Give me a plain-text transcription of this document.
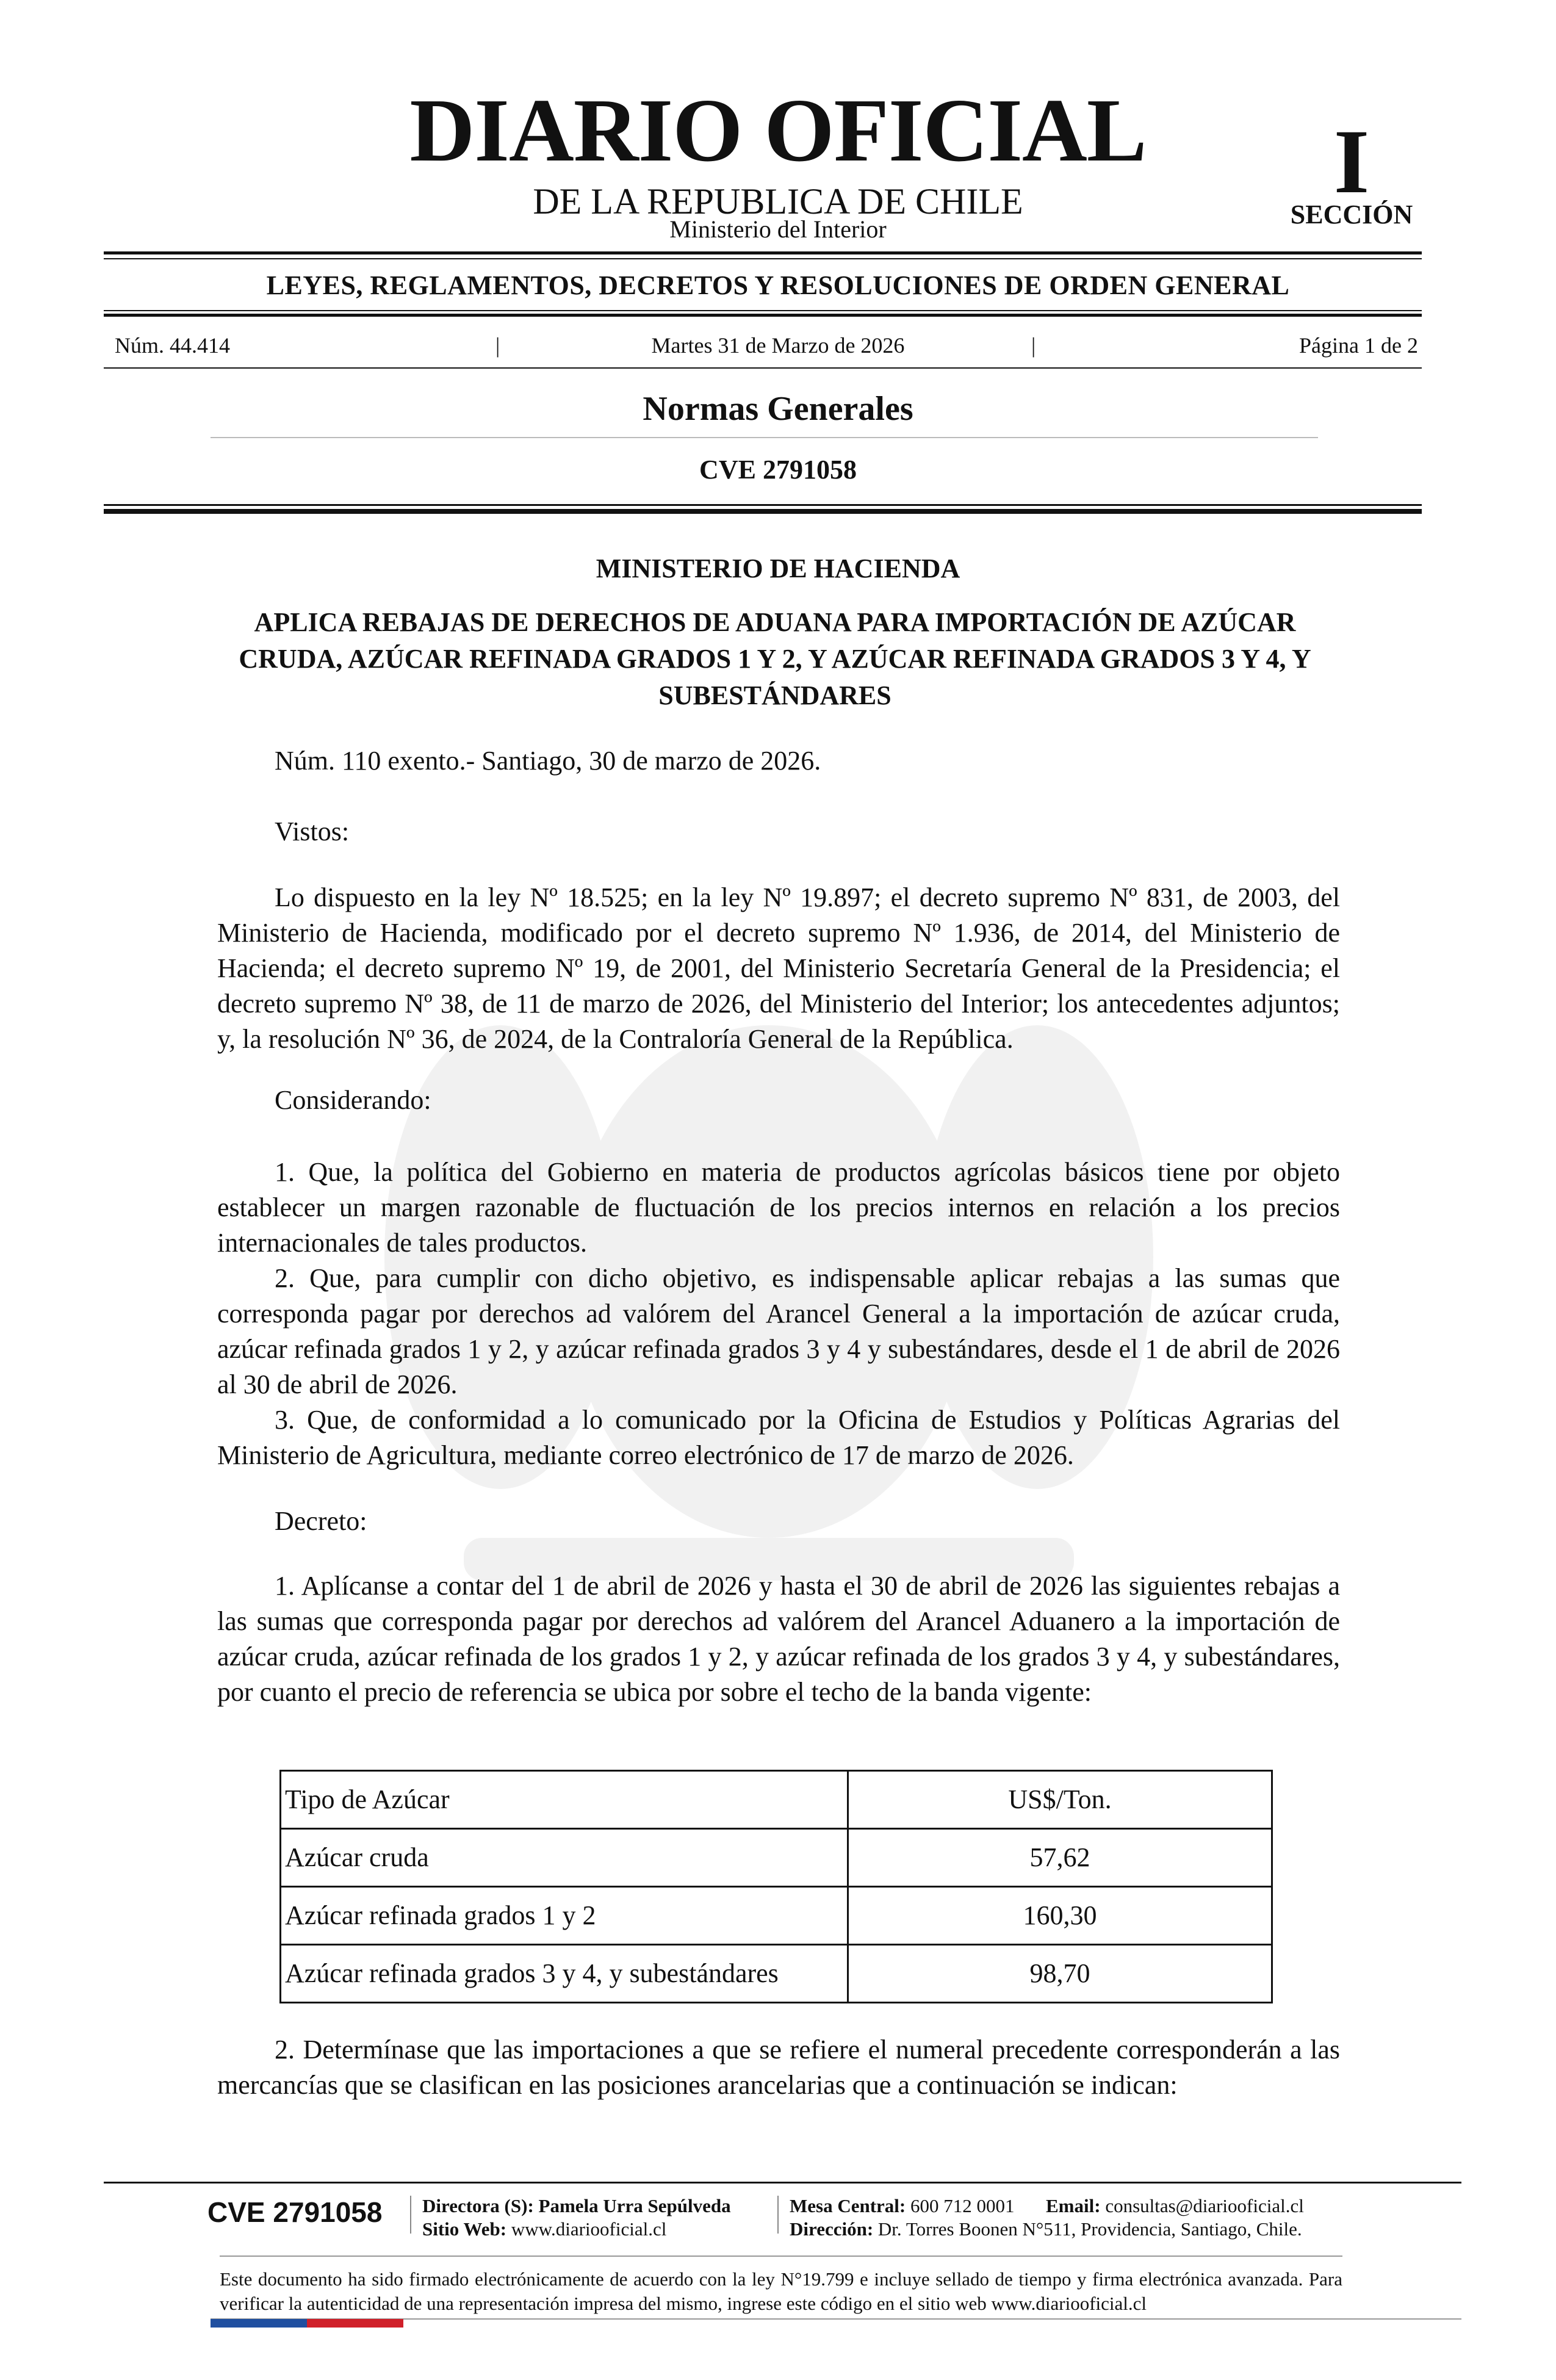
DIARIO OFICIAL
DE LA REPUBLICA DE CHILE
Ministerio del Interior
I
SECCIÓN
LEYES, REGLAMENTOS, DECRETOS Y RESOLUCIONES DE ORDEN GENERAL
Núm. 44.414	|	Martes 31 de Marzo de 2026	|	Página 1 de 2
Normas Generales
CVE 2791058
MINISTERIO DE HACIENDA
APLICA REBAJAS DE DERECHOS DE ADUANA PARA IMPORTACIÓN DE AZÚCAR CRUDA, AZÚCAR REFINADA GRADOS 1 Y 2, Y AZÚCAR REFINADA GRADOS 3 Y 4, Y SUBESTÁNDARES
Núm. 110 exento.- Santiago, 30 de marzo de 2026.
Vistos:
Lo dispuesto en la ley Nº 18.525; en la ley Nº 19.897; el decreto supremo Nº 831, de 2003, del Ministerio de Hacienda, modificado por el decreto supremo Nº 1.936, de 2014, del Ministerio de Hacienda; el decreto supremo Nº 19, de 2001, del Ministerio Secretaría General de la Presidencia; el decreto supremo Nº 38, de 11 de marzo de 2026, del Ministerio del Interior; los antecedentes adjuntos; y, la resolución Nº 36, de 2024, de la Contraloría General de la República.
Considerando:
1. Que, la política del Gobierno en materia de productos agrícolas básicos tiene por objeto establecer un margen razonable de fluctuación de los precios internos en relación a los precios internacionales de tales productos.
2. Que, para cumplir con dicho objetivo, es indispensable aplicar rebajas a las sumas que corresponda pagar por derechos ad valórem del Arancel General a la importación de azúcar cruda, azúcar refinada grados 1 y 2, y azúcar refinada grados 3 y 4 y subestándares, desde el 1 de abril de 2026 al 30 de abril de 2026.
3. Que, de conformidad a lo comunicado por la Oficina de Estudios y Políticas Agrarias del Ministerio de Agricultura, mediante correo electrónico de 17 de marzo de 2026.
Decreto:
1. Aplícanse a contar del 1 de abril de 2026 y hasta el 30 de abril de 2026 las siguientes rebajas a las sumas que corresponda pagar por derechos ad valórem del Arancel Aduanero a la importación de azúcar cruda, azúcar refinada de los grados 1 y 2, y azúcar refinada de los grados 3 y 4, y subestándares, por cuanto el precio de referencia se ubica por sobre el techo de la banda vigente:
Tipo de Azúcar	US$/Ton.
Azúcar cruda	57,62
Azúcar refinada grados 1 y 2	160,30
Azúcar refinada grados 3 y 4, y subestándares	98,70
2. Determínase que las importaciones a que se refiere el numeral precedente corresponderán a las mercancías que se clasifican en las posiciones arancelarias que a continuación se indican:
CVE 2791058 Directora (S): Pamela Urra Sepúlveda
Sitio Web: www.diariooficial.cl
Mesa Central: 600 712 0001 Email: consultas@diariooficial.cl
Dirección: Dr. Torres Boonen N°511, Providencia, Santiago, Chile.
Este documento ha sido firmado electrónicamente de acuerdo con la ley N°19.799 e incluye sellado de tiempo y firma electrónica avanzada. Para verificar la autenticidad de una representación impresa del mismo, ingrese este código en el sitio web www.diariooficial.cl
